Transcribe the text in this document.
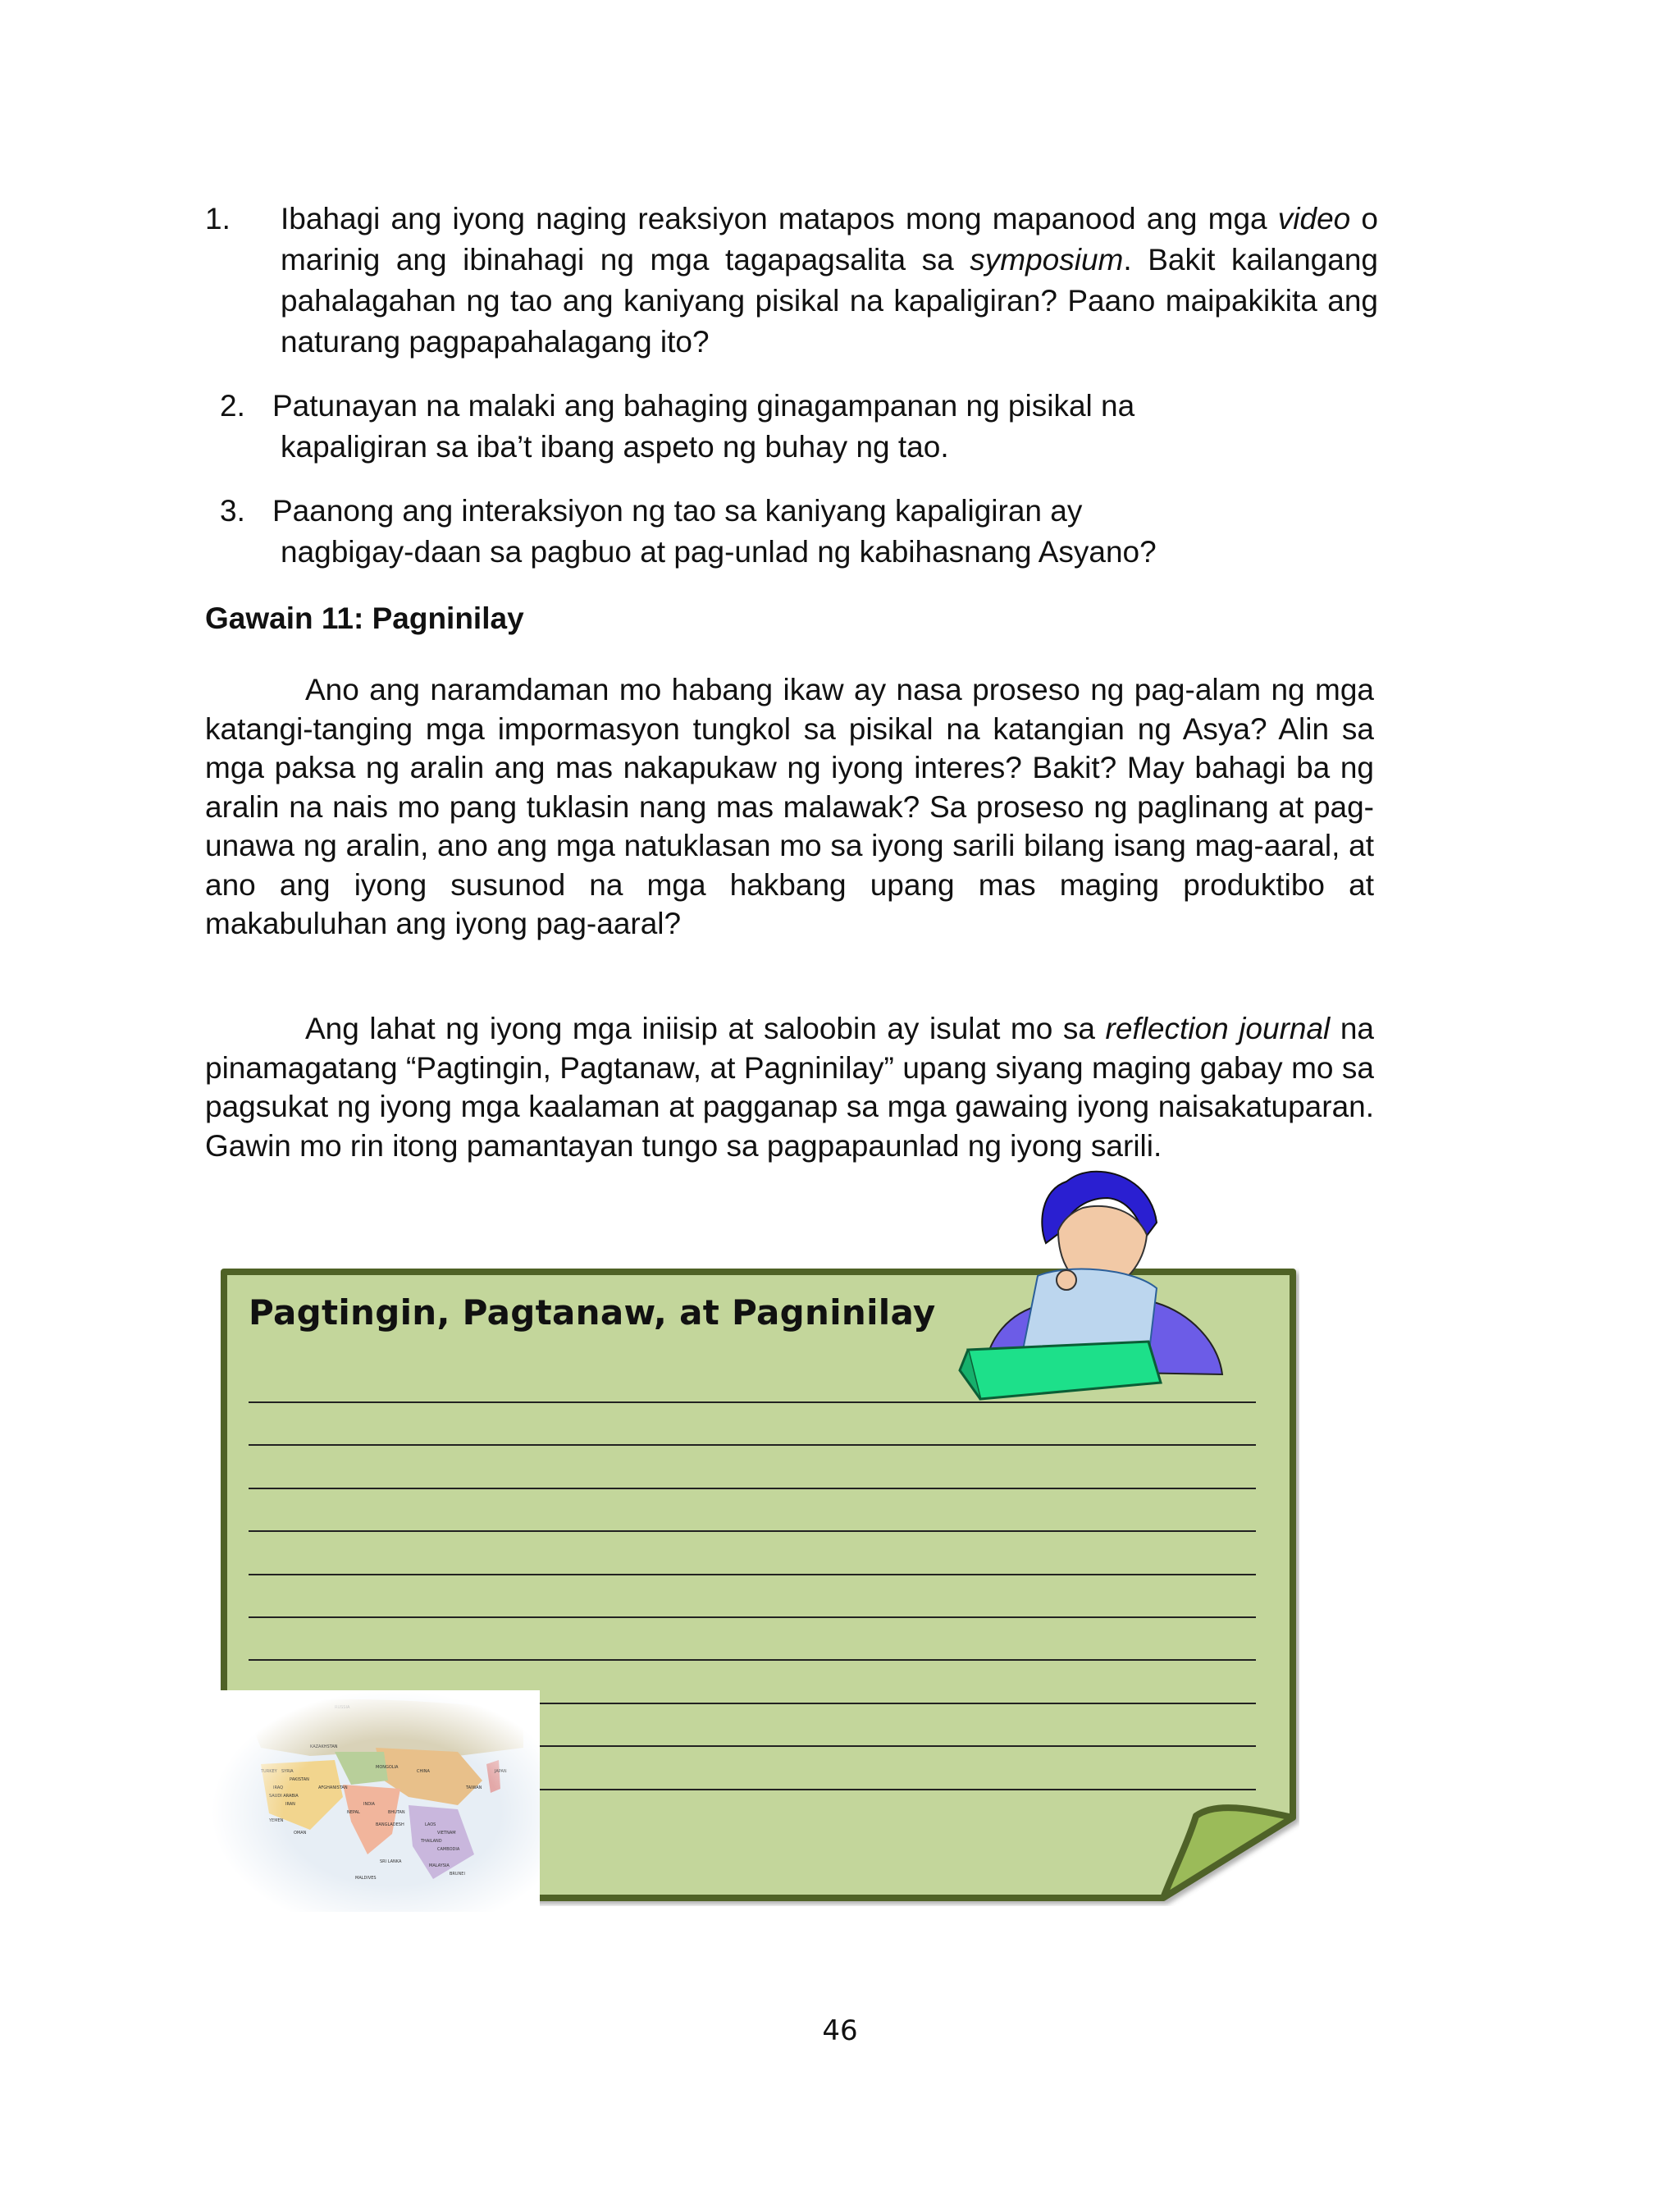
1.	Ibahagi ang iyong naging reaksiyon matapos mong mapanood ang mga video o marinig ang ibinahagi ng mga tagapagsalita sa symposium. Bakit kailangang pahalagahan ng tao ang kaniyang pisikal na kapaligiran? Paano maipakikita ang naturang pagpapahalagang ito?
2. Patunayan na malaki ang bahaging ginagampanan ng pisikal na
kapaligiran sa iba’t ibang aspeto ng buhay ng tao.
3. Paanong ang interaksiyon ng tao sa kaniyang kapaligiran ay
nagbigay-daan sa pagbuo at pag-unlad ng kabihasnang Asyano?
Gawain 11: Pagninilay
Ano ang naramdaman mo habang ikaw ay nasa proseso ng pag-alam ng mga katangi-tanging mga impormasyon tungkol sa pisikal na katangian ng Asya? Alin sa mga paksa ng aralin ang mas nakapukaw ng iyong interes? Bakit? May bahagi ba ng aralin na nais mo pang tuklasin nang mas malawak? Sa proseso ng paglinang at pag-unawa ng aralin, ano ang mga natuklasan mo sa iyong sarili bilang isang mag-aaral, at ano ang iyong susunod na mga hakbang upang mas maging produktibo at makabuluhan ang iyong pag-aaral?
Ang lahat ng iyong mga iniisip at saloobin ay isulat mo sa reflection journal na pinamagatang “Pagtingin, Pagtanaw, at Pagninilay” upang siyang maging gabay mo sa pagsukat ng iyong mga kaalaman at pagganap sa mga gawaing iyong naisakatuparan. Gawin mo rin itong pamantayan tungo sa pagpapaunlad ng iyong sarili.
Pagtingin, Pagtanaw, at Pagninilay
46
